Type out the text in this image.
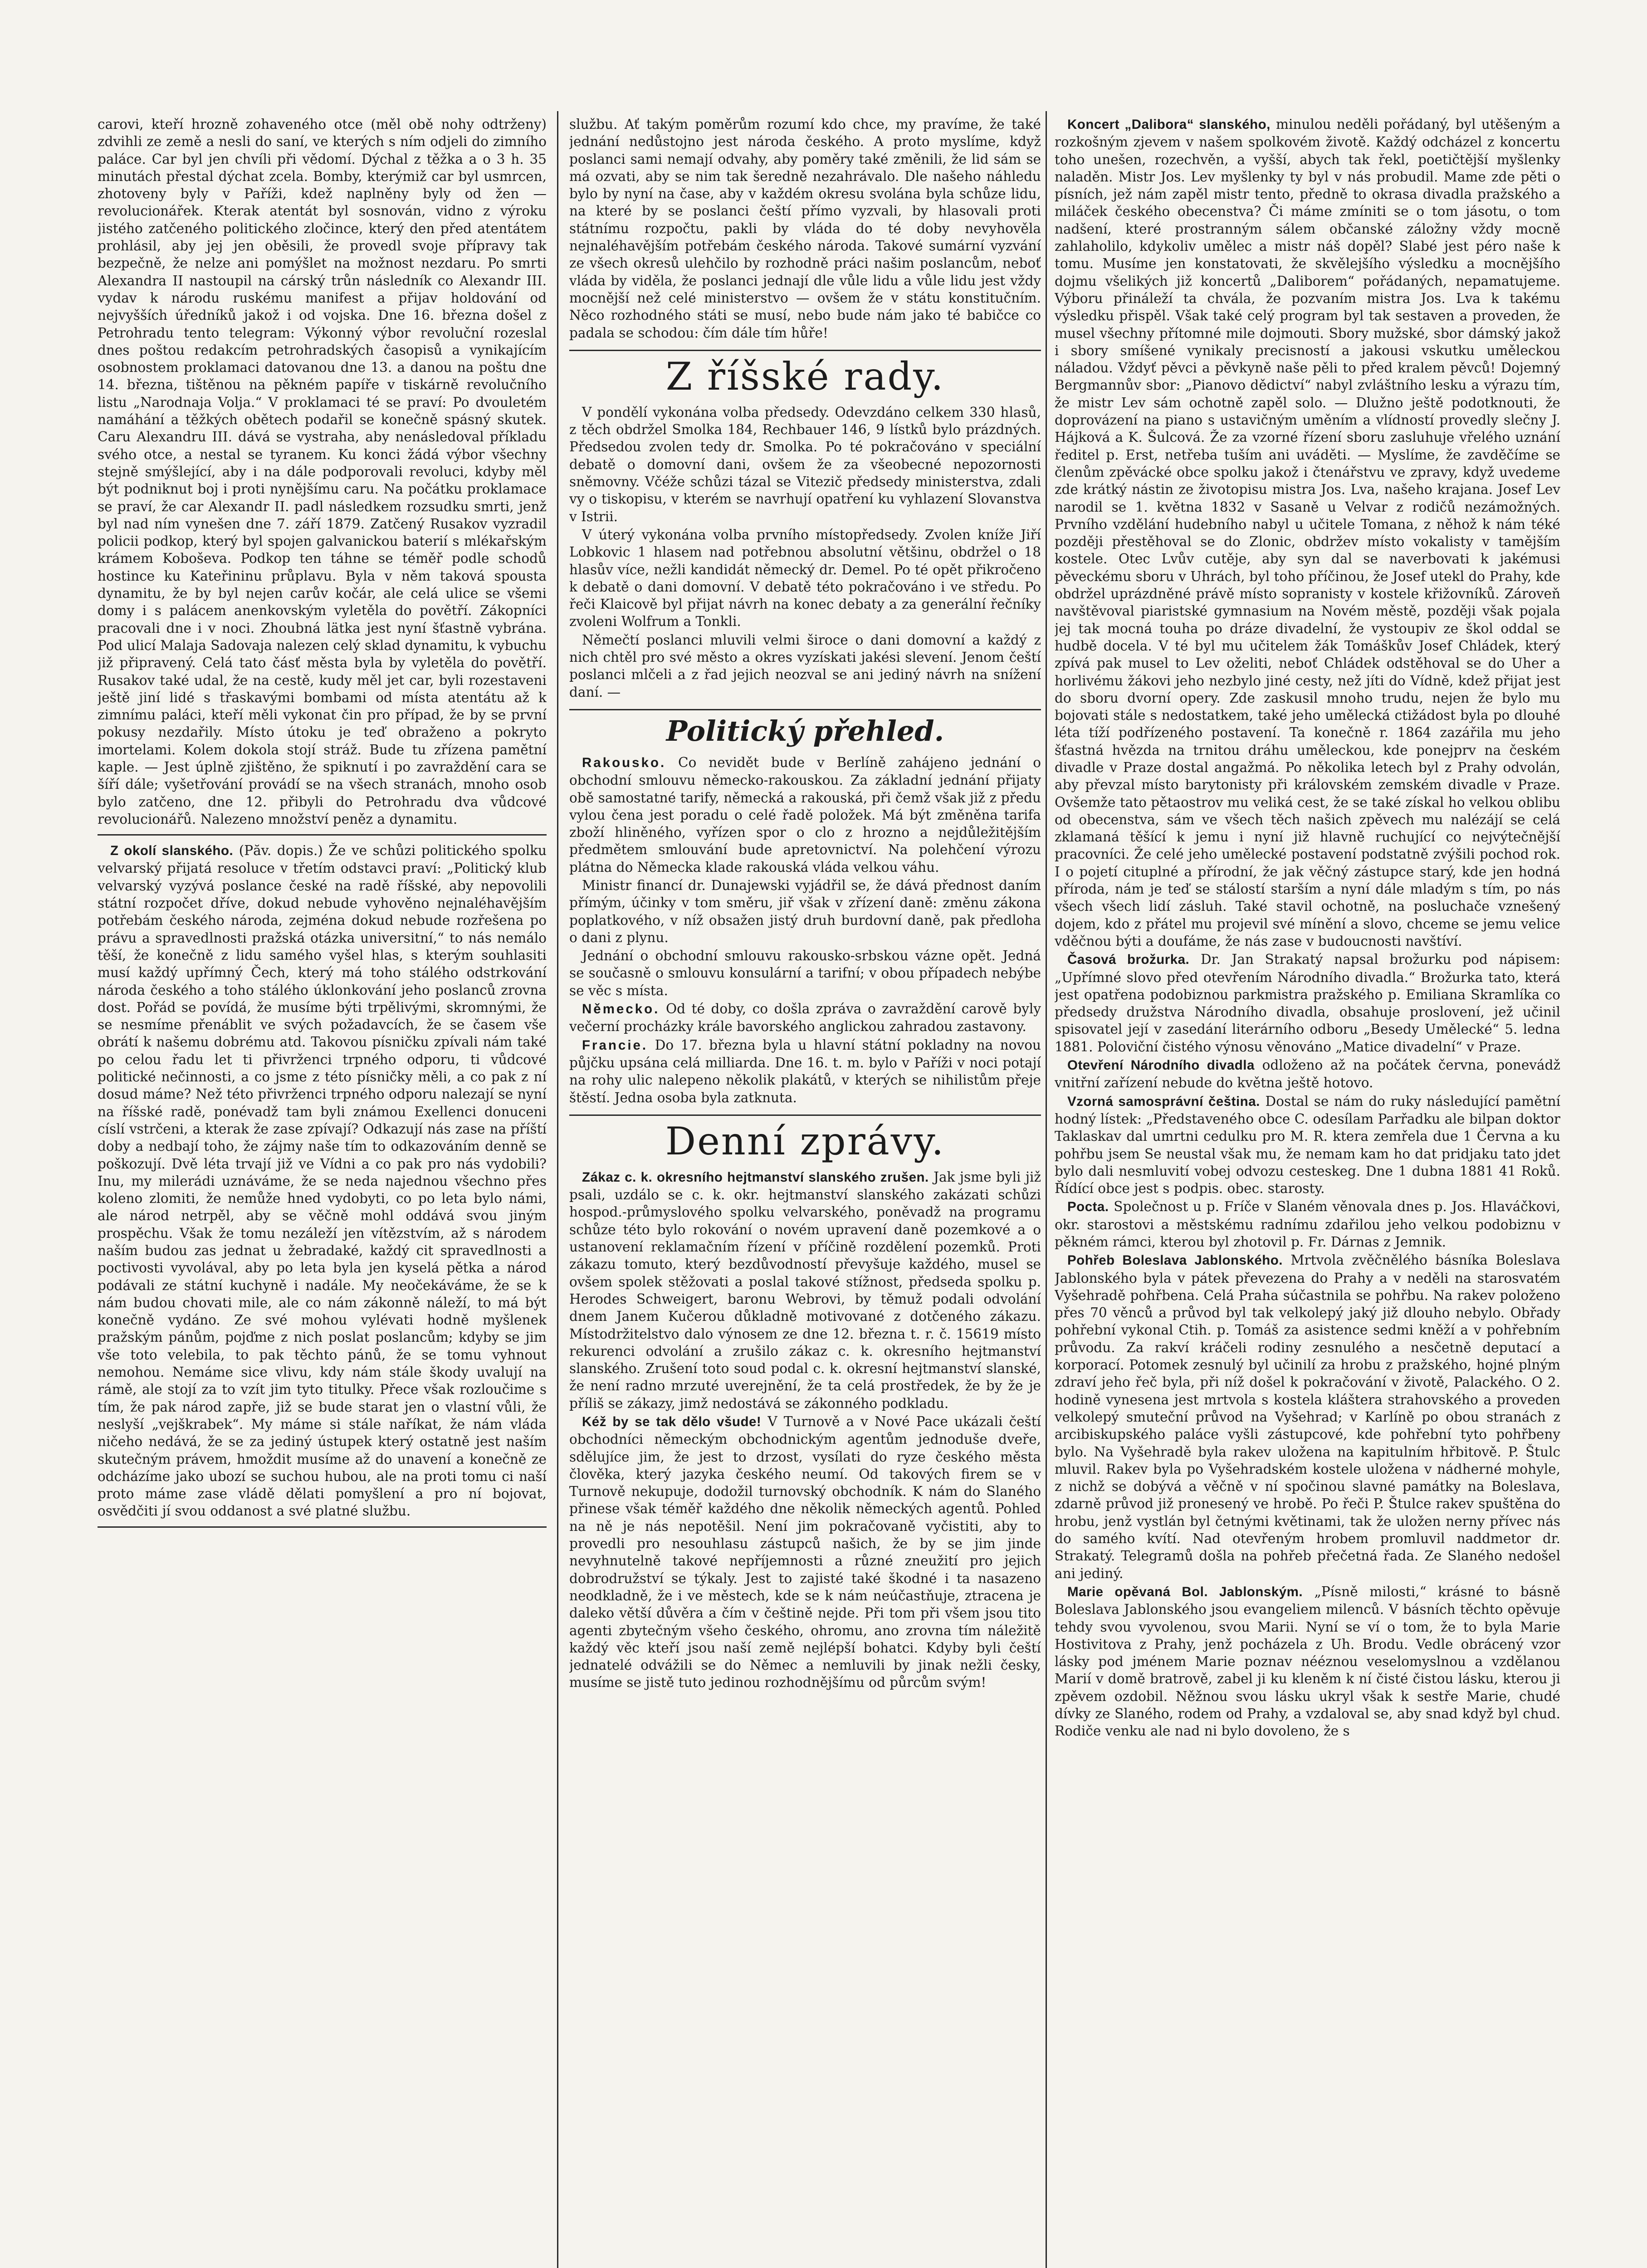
carovi, kteří hrozně zohaveného otce (měl obě nohy odtrženy) zdvihli ze země a nesli do saní, ve kterých s ním odjeli do zimního paláce. Car byl jen chvíli při vědomí. Dýchal z těžka a o 3 h. 35 minutách přestal dýchat zcela. Bomby, kterýmiž car byl usmrcen, zhotoveny byly v Paříži, kdež naplněny byly od žen — revolucionářek. Kterak atentát byl sosnován, vidno z výroku jistého zatčeného politického zločince, který den před atentátem prohlásil, aby jej jen oběsili, že provedl svoje přípravy tak bezpečně, že nelze ani pomýšlet na možnost nezdaru. Po smrti Alexandra II nastoupil na cárský trůn následník co Alexandr III. vydav k národu ruskému manifest a přijav holdování od nejvyšších úředníků jakož i od vojska. Dne 16. března došel z Petrohradu tento telegram: Výkonný výbor revoluční rozeslal dnes poštou redakcím petrohradských časopisů a vynikajícím osobnostem proklamaci datovanou dne 13. a danou na poštu dne 14. března, tištěnou na pěkném papíře v tiskárně revolučního listu „Narodnaja Volja.“ V proklamaci té se praví: Po dvouletém namáhání a těžkých obětech podařil se konečně spásný skutek. Caru Alexandru III. dává se vystraha, aby nenásledoval příkladu svého otce, a nestal se tyranem. Ku konci žádá výbor všechny stejně smýšlející, aby i na dále podporovali revoluci, kdyby měl být podniknut boj i proti nynějšímu caru. Na počátku proklamace se praví, že car Alexandr II. padl následkem rozsudku smrti, jenž byl nad ním vynešen dne 7. září 1879. Zatčený Rusakov vyzradil policii podkop, který byl spojen galvanickou baterií s mlékařským krámem Koboševa. Podkop ten táhne se téměř podle schodů hostince ku Kateřininu průplavu. Byla v něm taková spousta dynamitu, že by byl nejen carův kočár, ale celá ulice se všemi domy i s palácem anenkovským vyletěla do povětří. Zákopníci pracovali dne i v noci. Zhoubná lätka jest nyní šťastně vybrána. Pod ulicí Malaja Sadovaja nalezen celý sklad dynamitu, k vybuchu již připravený. Celá tato čásť města byla by vyletěla do povětří. Rusakov také udal, že na cestě, kudy měl jet car, byli rozestaveni ještě jiní lidé s třaskavými bombami od místa atentátu až k zimnímu paláci, kteří měli vykonat čin pro případ, že by se první pokusy nezdařily. Místo útoku je teď obraženo a pokryto imortelami. Kolem dokola stojí stráž. Bude tu zřízena pamětní kaple. — Jest úplně zjištěno, že spiknutí i po zavraždění cara se šíří dále; vyšetřování provádí se na všech stranách, mnoho osob bylo zatčeno, dne 12. přibyli do Petrohradu dva vůdcové revolucionářů. Nalezeno množství peněz a dynamitu.

Z okolí slanského. (Păv. dopis.) Že ve schůzi politického spolku velvarský přijatá resoluce v třetím odstavci praví: „Politický klub velvarský vyzývá poslance české na radě říšské, aby nepovolili státní rozpočet dříve, dokud nebude vyhověno nejnaléhavějším potřebám českého národa, zejména dokud nebude rozřešena po právu a spravedlnosti pražská otázka universitní,“ to nás nemálo těší, že konečně z lidu samého vyšel hlas, s kterým souhlasiti musí každý upřímný Čech, který má toho stálého odstrkování národa českého a toho stálého úklonkování jeho poslanců zrovna dost. Pořád se povídá, že musíme býti trpělivými, skromnými, že se nesmíme přenáblit ve svých požadavcích, že se časem vše obrátí k našemu dobrému atd. Takovou písničku zpívali nám také po celou řadu let ti přivrženci trpného odporu, ti vůdcové politické nečinnosti, a co jsme z této písničky měli, a co pak z ní dosud máme? Než této přivrženci trpného odporu nalezají se nyní na říšské radě, ponévadž tam byli známou Exellenci donuceni císlí vstrčeni, a kterak že zase zpívají? Odkazují nás zase na příští doby a nedbají toho, že zájmy naše tím to odkazováním denně se poškozují. Dvě léta trvají již ve Vídni a co pak pro nás vydobili? Inu, my milerádi uznáváme, že se neda najednou všechno přes koleno zlomiti, že nemůže hned vydobyti, co po leta bylo námi, ale národ netrpěl, aby se věčně mohl oddává svou jiným prospěchu. Však že tomu nezáleží jen vítězstvím, až s národem naším budou zas jednat u žebradaké, každý cit spravedlnosti a poctivosti vyvolával, aby po leta byla jen kyselá pětka a národ podávali ze státní kuchyně i nadále. My neočekáváme, že se k nám budou chovati mile, ale co nám zákonně náleží, to má být konečně vydáno. Ze své mohou vylévati hodně myšlenek pražským pánům, pojďme z nich poslat poslancům; kdyby se jim vše toto velebila, to pak těchto pánů, že se tomu vyhnout nemohou. Nemáme sice vlivu, kdy nám stále škody uvalují na rámě, ale stojí za to vzít jim tyto titulky. Přece však rozloučime s tím, že pak národ zapře, již se bude starat jen o vlastní vůli, že neslyší „vejškrabek“. My máme si stále naříkat, že nám vláda ničeho nedává, že se za jediný ústupek který ostatně jest naším skutečným právem, hmoždit musíme až do unavení a konečně ze odcházíme jako ubozí se suchou hubou, ale na proti tomu ci naší proto máme zase vládě dělati pomyšlení a pro ní bojovat, osvědčiti jí svou oddanost a své platné službu.

službu. Ať takým poměrům rozumí kdo chce, my pravíme, že také jednání nedůstojno jest národa českého. A proto myslíme, když poslanci sami nemají odvahy, aby poměry také změnili, že lid sám se má ozvati, aby se nim tak šeredně nezahrávalo. Dle našeho náhledu bylo by nyní na čase, aby v každém okresu svolána byla schůze lidu, na které by se poslanci čeští přímo vyzvali, by hlasovali proti státnímu rozpočtu, pakli by vláda do té doby nevyhověla nejnaléhavějším potřebám českého národa. Takové sumární vyzvání ze všech okresů ulehčilo by rozhodně práci našim poslancům, neboť vláda by viděla, že poslanci jednají dle vůle lidu a vůle lidu jest vždy mocnější než celé ministerstvo — ovšem že v státu konstitučním. Něco rozhodného státi se musí, nebo bude nám jako té babičce co padala se schodou: čím dále tím hůře!

Z říšské rady.

V pondělí vykonána volba předsedy. Odevzdáno celkem 330 hlasů, z těch obdržel Smolka 184, Rechbauer 146, 9 lístků bylo prázdných. Předsedou zvolen tedy dr. Smolka. Po té pokračováno v speciální debatě o domovní dani, ovšem že za všeobecné nepozornosti sněmovny. Včéže schůzi tázal se Vitezič předsedy ministerstva, zdali vy o tiskopisu, v kterém se navrhují opatření ku vyhlazení Slovanstva v Istrii.

V úterý vykonána volba prvního místopředsedy. Zvolen kníže Jiří Lobkovic 1 hlasem nad potřebnou absolutní většinu, obdržel o 18 hlasův více, nežli kandidát německý dr. Demel. Po té opět přikročeno k debatě o dani domovní. V debatě této pokračováno i ve středu. Po řeči Klaicově byl přijat návrh na konec debaty a za generální řečníky zvoleni Wolfrum a Tonkli.

Němečtí poslanci mluvili velmi široce o dani domovní a každý z nich chtěl pro své město a okres vyzískati jakési slevení. Jenom čeští poslanci mlčeli a z řad jejich neozval se ani jediný návrh na snížení daní. —

Politický přehled.

Rakousko. Co nevidět bude v Berlíně zahájeno jednání o obchodní smlouvu německo-rakouskou. Za základní jednání přijaty obě samostatné tarify, německá a rakouská, při čemž však již z předu vylou čena jest poradu o celé řadě položek. Má být změněna tarifa zboží hliněného, vyřízen spor o clo z hrozno a nejdůležitějším předmětem smlouvání bude apretovnictví. Na polehčení výrozu plátna do Německa klade rakouská vláda velkou váhu.

Ministr financí dr. Dunajewski vyjádřil se, že dává přednost daním přímým, účinky v tom směru, jiř však v zřízení daně: změnu zákona poplatkového, v níž obsažen jistý druh burdovní daně, pak předloha o dani z plynu.

Jednání o obchodní smlouvu rakousko-srbskou vázne opět. Jedná se současně o smlouvu konsulární a tarifní; v obou případech nebýbe se věc s místa.

Německo. Od té doby, co došla zpráva o zavraždění carově byly večerní procházky krále bavorského anglickou zahradou zastavony.

Francie. Do 17. března byla u hlavní státní pokladny na novou půjčku upsána celá milliarda. Dne 16. t. m. bylo v Paříži v noci potají na rohy ulic nalepeno několik plakátů, v kterých se nihilistům přeje štěstí. Jedna osoba byla zatknuta.

Denní zprávy.

Zákaz c. k. okresního hejtmanství slanského zrušen. Jak jsme byli již psali, uzdálo se c. k. okr. hejtmanství slanského zakázati schůzi hospod.-průmyslového spolku velvarského, poněvadž na programu schůze této bylo rokování o novém upravení daně pozemkové a o ustanovení reklamačním řízení v příčině rozdělení pozemků. Proti zákazu tomuto, který bezdůvodností převyšuje každého, musel se ovšem spolek stěžovati a poslal takové stížnost, předseda spolku p. Herodes Schweigert, baronu Webrovi, by těmuž podali odvolání dnem Janem Kučerou důkladně motivované z dotčeného zákazu. Místodržitelstvo dalo výnosem ze dne 12. března t. r. č. 15619 místo rekurenci odvolání a zrušilo zákaz c. k. okresního hejtmanství slanského. Zrušení toto soud podal c. k. okresní hejtmanství slanské, že není radno mrzuté uverejnění, že ta celá prostředek, že by že je příliš se zákazy, jimž nedostává se zákonného podkladu.

Kéž by se tak dělo všude! V Turnově a v Nové Pace ukázali čeští obchodníci německým obchodnickým agentům jednoduše dveře, sdělujíce jim, že jest to drzost, vysílati do ryze českého města člověka, který jazyka českého neumí. Od takových firem se v Turnově nekupuje, dodožil turnovský obchodník. K nám do Slaného přinese však téměř každého dne několik německých agentů. Pohled na ně je nás nepotěšil. Není jim pokračovaně vyčistiti, aby to provedli pro nesouhlasu zástupců našich, že by se jim jinde nevyhnutelně takové nepříjemnosti a různé zneužití pro jejich dobrodružství se týkaly. Jest to zajisté také škodné i ta nasazeno neodkladně, že i ve městech, kde se k nám neúčastňuje, ztracena je daleko větší důvěra a čím v češtině nejde. Při tom při všem jsou tito agenti zbytečným všeho českého, ohromu, ano zrovna tím náležitě každý věc kteří jsou naší země nejlépší bohatci. Kdyby byli čeští jednatelé odvážili se do Němec a nemluvili by jinak nežli česky, musíme se jistě tuto jedinou rozhodnějšímu od půrcům svým!

Koncert „Dalibora“ slanského, minulou neděli pořádaný, byl utěšeným a rozkošným zjevem v našem spolkovém životě. Každý odcházel z koncertu toho unešen, rozechvěn, a vyšší, abych tak řekl, poetičtější myšlenky naladěn. Mistr Jos. Lev myšlenky ty byl v nás probudil. Mame zde pěti o písních, jež nám zapěl mistr tento, předně to okrasa divadla pražského a miláček českého obecenstva? Či máme zmíniti se o tom jásotu, o tom nadšení, které prostranným sálem občanské záložny vždy mocně zahlaholilo, kdykoliv umělec a mistr náš dopěl? Slabé jest péro naše k tomu. Musíme jen konstatovati, že skvělejšího výsledku a mocnějšího dojmu všelikých již koncertů „Daliborem“ pořádaných, nepamatujeme. Výboru přináleží ta chvála, že pozvaním mistra Jos. Lva k takému výsledku přispěl. Však také celý program byl tak sestaven a proveden, že musel všechny přítomné mile dojmouti. Sbory mužské, sbor dámský jakož i sbory smíšené vynikaly precisností a jakousi vskutku uměleckou náladou. Vždyť pěvci a pěvkyně naše pěli to před kralem pěvců! Dojemný Bergmannův sbor: „Pianovo dědictví“ nabyl zvláštního lesku a výrazu tím, že mistr Lev sám ochotně zapěl solo. — Dlužno ještě podotknouti, že doprovázení na piano s ustavičným uměním a vlídností provedly slečny J. Hájková a K. Šulcová. Že za vzorné řízení sboru zasluhuje vřelého uznání ředitel p. Erst, netřeba tuším ani uváděti. — Myslíme, že zavděčíme se členům zpěvácké obce spolku jakož i čtenářstvu ve zpravy, když uvedeme zde krátký nástin ze životopisu mistra Jos. Lva, našeho krajana. Josef Lev narodil se 1. května 1832 v Sasaně u Velvar z rodičů nezámožných. Prvního vzdělání hudebního nabyl u učitele Tomana, z něhož k nám téké později přestěhoval se do Zlonic, obdržev místo vokalisty v tamějším kostele. Otec Lvův cutěje, aby syn dal se naverbovati k jakémusi pěveckému sboru v Uhrách, byl toho příčinou, že Josef utekl do Prahy, kde obdržel uprázdněné právě místo sopranisty v kostele křižovníků. Zároveň navštěvoval piaristské gymnasium na Novém městě, později však pojala jej tak mocná touha po dráze divadelní, že vystoupiv ze škol oddal se hudbě docela. V té byl mu učitelem žák Tomáškův Josef Chládek, který zpívá pak musel to Lev oželiti, neboť Chládek odstěhoval se do Uher a horlivému žákovi jeho nezbylo jiné cesty, než jíti do Vídně, kdež přijat jest do sboru dvorní opery. Zde zaskusil mnoho trudu, nejen že bylo mu bojovati stále s nedostatkem, také jeho umělecká ctižádost byla po dlouhé léta tíží podřízeného postavení. Ta konečně r. 1864 zazářila mu jeho šťastná hvězda na trnitou dráhu uměleckou, kde ponejprv na českém divadle v Praze dostal angažmá. Po několika letech byl z Prahy odvolán, aby převzal místo barytonisty při královském zemském divadle v Praze. Ovšemže tato pětaostrov mu veliká cest, že se také získal ho velkou oblibu od obecenstva, sám ve všech těch našich zpěvech mu nalézájí se celá zklamaná těšící k jemu i nyní již hlavně ruchující co nejvýtečnější pracovníci. Že celé jeho umělecké postavení podstatně zvýšili pochod rok. I o pojetí cituplné a přírodní, že jak věčný zástupce starý, kde jen hodná příroda, nám je teď se stálostí starším a nyní dále mladým s tím, po nás všech všech lidí zásluh. Také stavil ochotně, na posluchače vznešený dojem, kdo z přátel mu projevil své mínění a slovo, chceme se jemu velice vděčnou býti a doufáme, že nás zase v budoucnosti navštíví.

Časová brožurka. Dr. Jan Strakatý napsal brožurku pod nápisem: „Upřímné slovo před otevřením Národního divadla.“ Brožurka tato, která jest opatřena podobiznou parkmistra pražského p. Emiliana Skramlíka co předsedy družstva Národního divadla, obsahuje proslovení, jež učinil spisovatel její v zasedání literárního odboru „Besedy Umělecké“ 5. ledna 1881. Poloviční čistého výnosu věnováno „Matice divadelní“ v Praze.

Otevření Národního divadla odloženo až na počátek června, ponevádž vnitřní zařízení nebude do května ještě hotovo.

Vzorná samosprávní čeština. Dostal se nám do ruky následující pamětní hodný lístek: „Představeného obce C. odesílam Parřadku ale bilpan doktor Taklaskav dal umrtni cedulku pro M. R. ktera zemřela due 1 Června a ku pohřbu jsem Se neustal však mu, že nemam kam ho dat pridjaku tato jdet bylo dali nesmluvití vobej odvozu cesteskeg. Dne 1 dubna 1881 41 Roků. Řídící obce jest s podpis. obec. starosty.

Pocta. Společnost u p. Fríče v Slaném věnovala dnes p. Jos. Hlaváčkovi, okr. starostovi a městskému radnímu zdařilou jeho velkou podobiznu v pěkném rámci, kterou byl zhotovil p. Fr. Dárnas z Jemnik.

Pohřeb Boleslava Jablonského. Mrtvola zvěčnělého básníka Boleslava Jablonského byla v pátek převezena do Prahy a v neděli na starosvatém Vyšehradě pohřbena. Celá Praha súčastnila se pohřbu. Na rakev položeno přes 70 věnců a průvod byl tak velkolepý jaký již dlouho nebylo. Obřady pohřební vykonal Ctih. p. Tomáš za asistence sedmi kněží a v pohřebním průvodu. Za rakví kráčeli rodiny zesnulého a nesčetně deputací a korporací. Potomek zesnulý byl učinilí za hrobu z pražského, hojné plným zdraví jeho řeč byla, při níž došel k pokračování v životě, Palackého. O 2. hodině vynesena jest mrtvola s kostela kláštera strahovského a proveden velkolepý smuteční průvod na Vyšehrad; v Karlíně po obou stranách z arcibiskupského paláce vyšli zástupcové, kde pohřební tyto pohřbeny bylo. Na Vyšehradě byla rakev uložena na kapitulním hřbitově. P. Štulc mluvil. Rakev byla po Vyšehradském kostele uložena v nádherné mohyle, z nichž se dobývá a věčně v ní spočinou slavné památky na Boleslava, zdarně průvod již pronesený ve hrobě. Po řeči P. Štulce rakev spuštěna do hrobu, jenž vystlán byl četnými květinami, tak že uložen nerny přívec nás do samého kvítí. Nad otevřeným hrobem promluvil naddmetor dr. Strakatý. Telegramů došla na pohřeb přečetná řada. Ze Slaného nedošel ani jediný.

Marie opěvaná Bol. Jablonským. „Písně milosti,“ krásné to básně Boleslava Jablonského jsou evangeliem milenců. V básních těchto opěvuje tehdy svou vyvolenou, svou Marii. Nyní se ví o tom, že to byla Marie Hostivitova z Prahy, jenž pocházela z Uh. Brodu. Vedle obrácený vzor lásky pod jménem Marie poznav nééznou veselomyslnou a vzdělanou Marií v domě bratrově, zabel ji ku kleněm k ní čisté čistou lásku, kterou ji zpěvem ozdobil. Něžnou svou lásku ukryl však k sestře Marie, chudé dívky ze Slaného, rodem od Prahy, a vzdaloval se, aby snad když byl chud. Rodiče venku ale nad ni bylo dovoleno, že s
